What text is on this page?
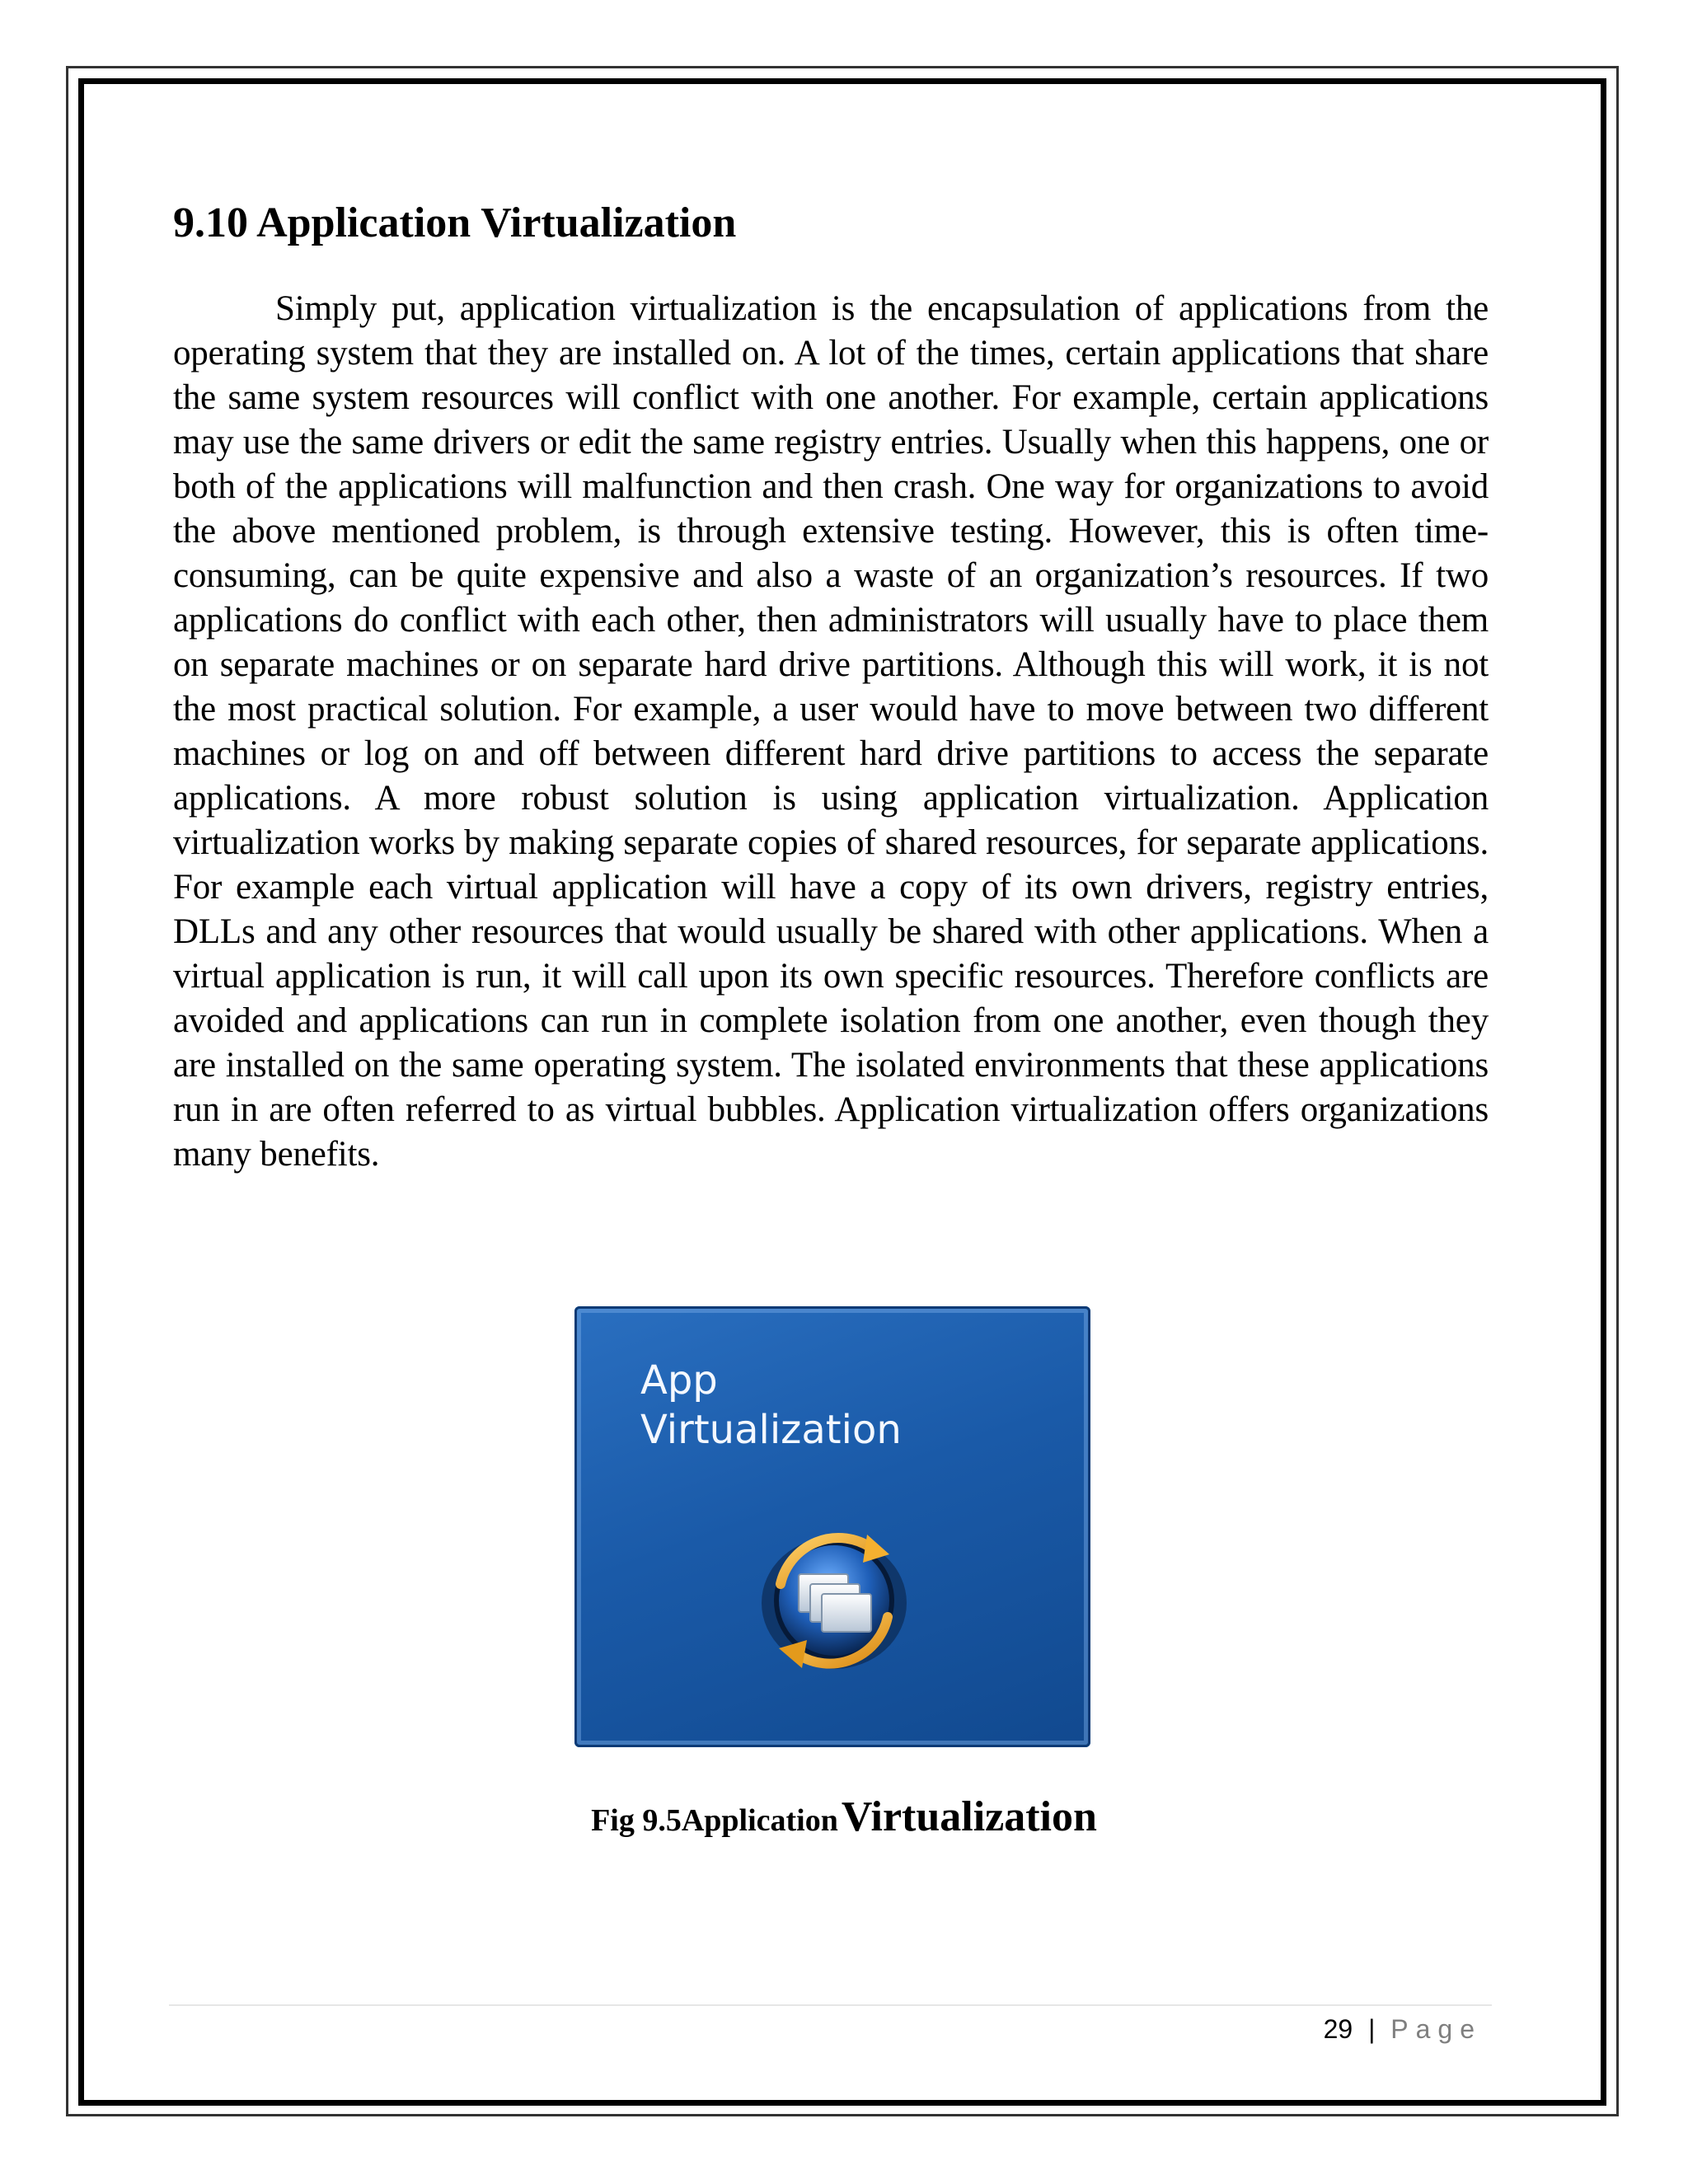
9.10 Application Virtualization

Simply put, application virtualization is the encapsulation of applications from the operating system that they are installed on. A lot of the times, certain applications that share the same system resources will conflict with one another. For example, certain applications may use the same drivers or edit the same registry entries. Usually when this happens, one or both of the applications will malfunction and then crash. One way for organizations to avoid the above mentioned problem, is through extensive testing. However, this is often time-consuming, can be quite expensive and also a waste of an organization’s resources. If two applications do conflict with each other, then administrators will usually have to place them on separate machines or on separate hard drive partitions. Although this will work, it is not the most practical solution. For example, a user would have to move between two different machines or log on and off between different hard drive partitions to access the separate applications. A more robust solution is using application virtualization. Application virtualization works by making separate copies of shared resources, for separate applications. For example each virtual application will have a copy of its own drivers, registry entries, DLLs and any other resources that would usually be shared with other applications. When a virtual application is run, it will call upon its own specific resources. Therefore conflicts are avoided and applications can run in complete isolation from one another, even though they are installed on the same operating system. The isolated environments that these applications run in are often referred to as virtual bubbles. Application virtualization offers organizations many benefits.

App
Virtualization
Fig 9.5Application Virtualization
29 | Page
